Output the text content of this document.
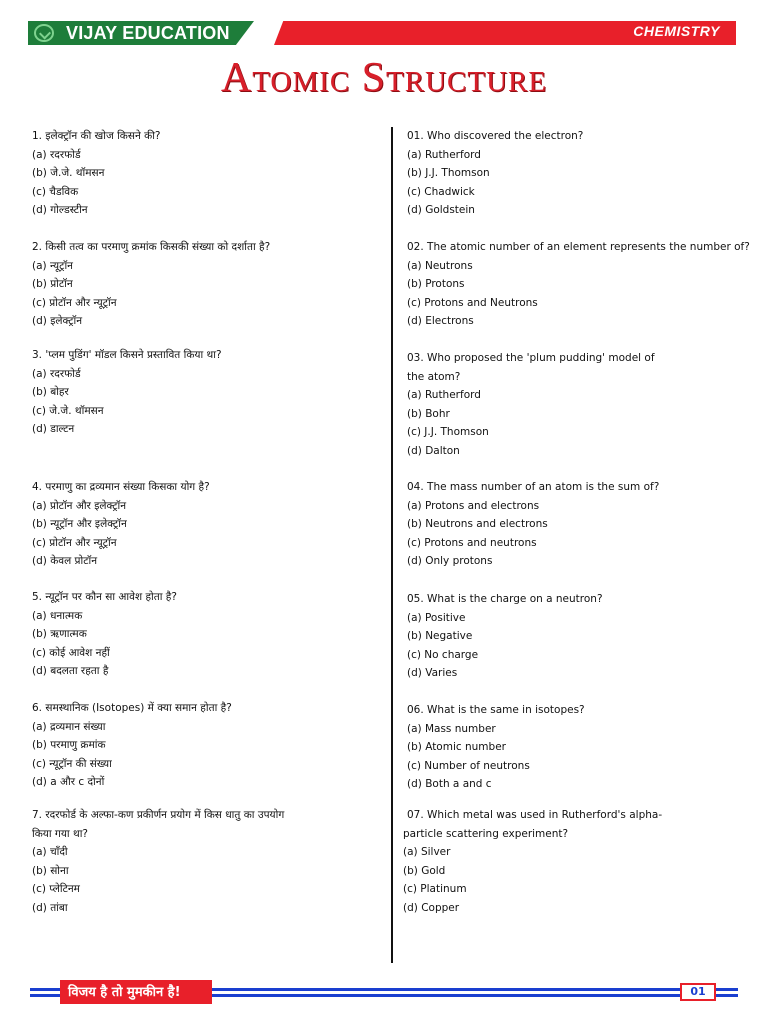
VIJAY EDUCATION	CHEMISTRY
Atomic Structure
1. इलेक्ट्रॉन की खोज किसने की?
(a) रदरफोर्ड
(b) जे.जे. थॉमसन
(c) चैडविक
(d) गोल्डस्टीन
2. किसी तत्व का परमाणु क्रमांक किसकी संख्या को दर्शाता है?
(a) न्यूट्रॉन
(b) प्रोटॉन
(c) प्रोटॉन और न्यूट्रॉन
(d) इलेक्ट्रॉन
3. 'प्लम पुडिंग' मॉडल किसने प्रस्तावित किया था?
(a) रदरफोर्ड
(b) बोहर
(c) जे.जे. थॉमसन
(d) डाल्टन
4. परमाणु का द्रव्यमान संख्या किसका योग है?
(a) प्रोटॉन और इलेक्ट्रॉन
(b) न्यूट्रॉन और इलेक्ट्रॉन
(c) प्रोटॉन और न्यूट्रॉन
(d) केवल प्रोटॉन
5. न्यूट्रॉन पर कौन सा आवेश होता है?
(a) धनात्मक
(b) ऋणात्मक
(c) कोई आवेश नहीं
(d) बदलता रहता है
6. समस्थानिक (Isotopes) में क्या समान होता है?
(a) द्रव्यमान संख्या
(b) परमाणु क्रमांक
(c) न्यूट्रॉन की संख्या
(d) a और c दोनों
7. रदरफोर्ड के अल्फा-कण प्रकीर्णन प्रयोग में किस धातु का उपयोग
किया गया था?
(a) चाँदी
(b) सोना
(c) प्लेटिनम
(d) तांबा
01. Who discovered the electron?
(a) Rutherford
(b) J.J. Thomson
(c) Chadwick
(d) Goldstein
02. The atomic number of an element represents the number of?
(a) Neutrons
(b) Protons
(c) Protons and Neutrons
(d) Electrons
03. Who proposed the 'plum pudding' model of
the atom?
(a) Rutherford
(b) Bohr
(c) J.J. Thomson
(d) Dalton
04. The mass number of an atom is the sum of?
(a) Protons and electrons
(b) Neutrons and electrons
(c) Protons and neutrons
(d) Only protons
05. What is the charge on a neutron?
(a) Positive
(b) Negative
(c) No charge
(d) Varies
06. What is the same in isotopes?
(a) Mass number
(b) Atomic number
(c) Number of neutrons
(d) Both a and c
07. Which metal was used in Rutherford's alpha-
particle scattering experiment?
(a) Silver
(b) Gold
(c) Platinum
(d) Copper
विजय है तो मुमकीन है!	01
